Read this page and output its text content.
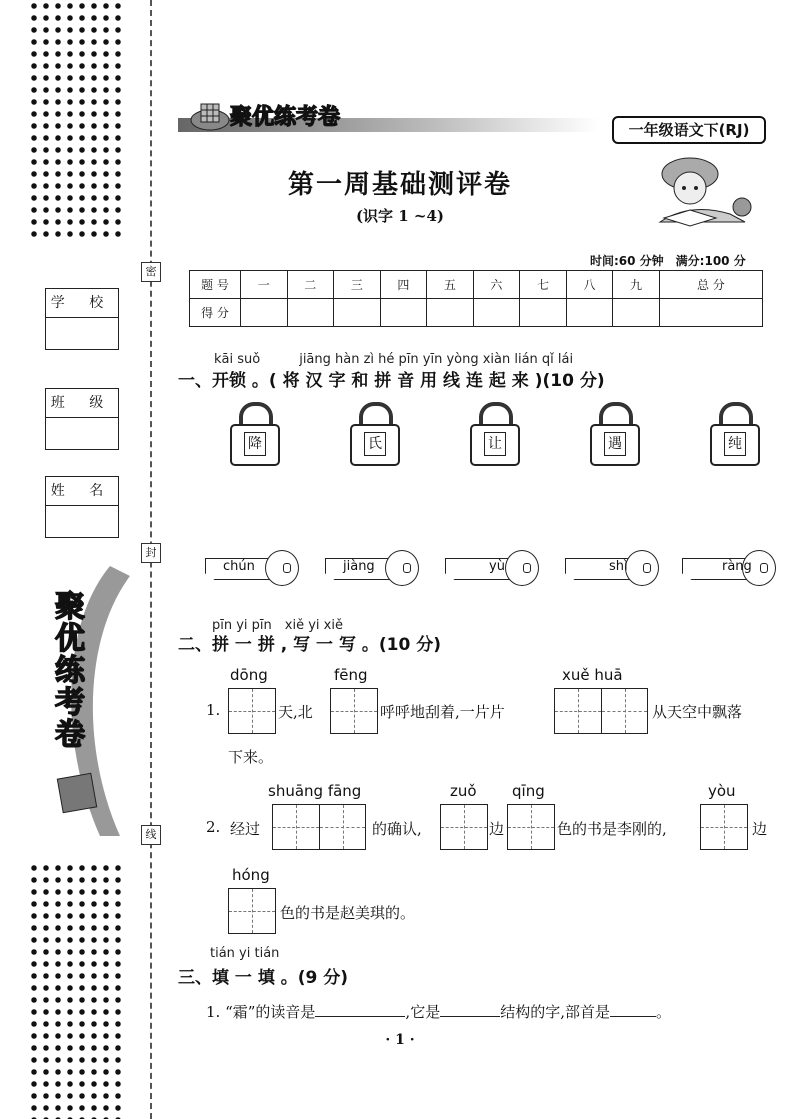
密
封
线
学 校
班 级
姓 名
聚优练考卷
聚优练考卷	一年级语文下(RJ)
第一周基础测评卷
(识字 1 ~4)
时间:60 分钟　满分:100 分
题 号	一	二	三	四	五	六	七	八	九	总 分
得 分										
kāi suǒ　　　jiāng hàn zì hé pīn yīn yòng xiàn lián qǐ lái
一、开锁 。( 将 汉 字 和 拼 音 用 线 连 起 来 )(10 分)
降	氏	让	遇	纯
chún	jiàng	yù	shì	ràng
pīn yi pīn　xiě yi xiě
二、拼 一 拼 , 写 一 写 。(10 分)
1.
dōng
天,北
fēng
呼呼地刮着,一片片
xuě huā
从天空中飘落
下来。
2. 经过
shuāng fāng
的确认,
zuǒ
边
qīng
色的书是李刚的,
yòu
边
hóng
色的书是赵美琪的。
tián yi tián
三、填 一 填 。(9 分)
1. “霜”的读音是	,它是	结构的字,部首是	。
· 1 ·
